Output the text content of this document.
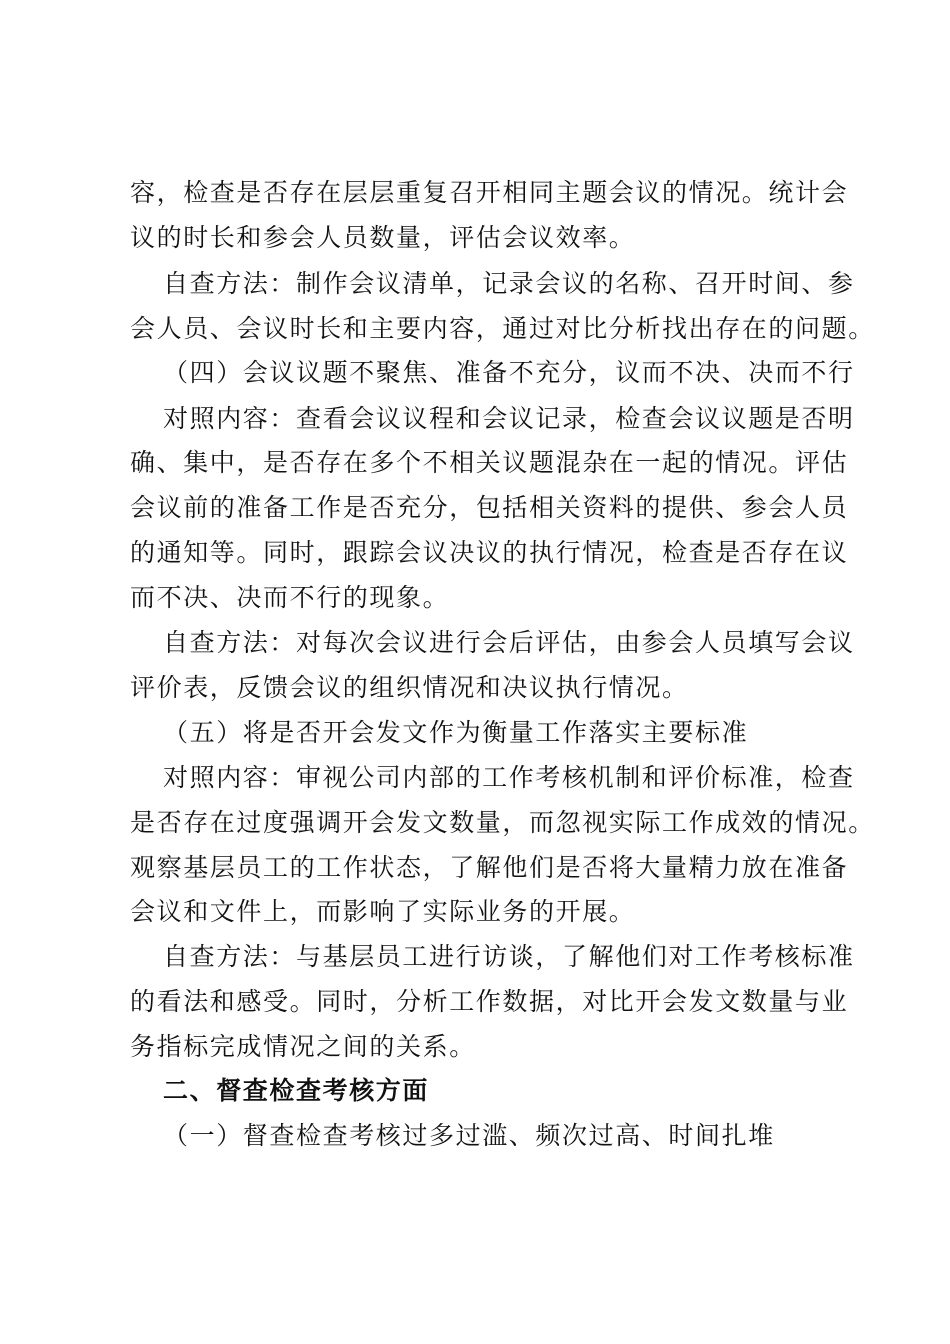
容，检查是否存在层层重复召开相同主题会议的情况。统计会
议的时长和参会人员数量，评估会议效率。
自查方法：制作会议清单，记录会议的名称、召开时间、参
会人员、会议时长和主要内容，通过对比分析找出存在的问题。
（四）会议议题不聚焦、准备不充分，议而不决、决而不行
对照内容：查看会议议程和会议记录，检查会议议题是否明
确、集中，是否存在多个不相关议题混杂在一起的情况。评估
会议前的准备工作是否充分，包括相关资料的提供、参会人员
的通知等。同时，跟踪会议决议的执行情况，检查是否存在议
而不决、决而不行的现象。
自查方法：对每次会议进行会后评估，由参会人员填写会议
评价表，反馈会议的组织情况和决议执行情况。
（五）将是否开会发文作为衡量工作落实主要标准
对照内容：审视公司内部的工作考核机制和评价标准，检查
是否存在过度强调开会发文数量，而忽视实际工作成效的情况。
观察基层员工的工作状态，了解他们是否将大量精力放在准备
会议和文件上，而影响了实际业务的开展。
自查方法：与基层员工进行访谈，了解他们对工作考核标准
的看法和感受。同时，分析工作数据，对比开会发文数量与业
务指标完成情况之间的关系。
二、督查检查考核方面
（一）督查检查考核过多过滥、频次过高、时间扎堆
